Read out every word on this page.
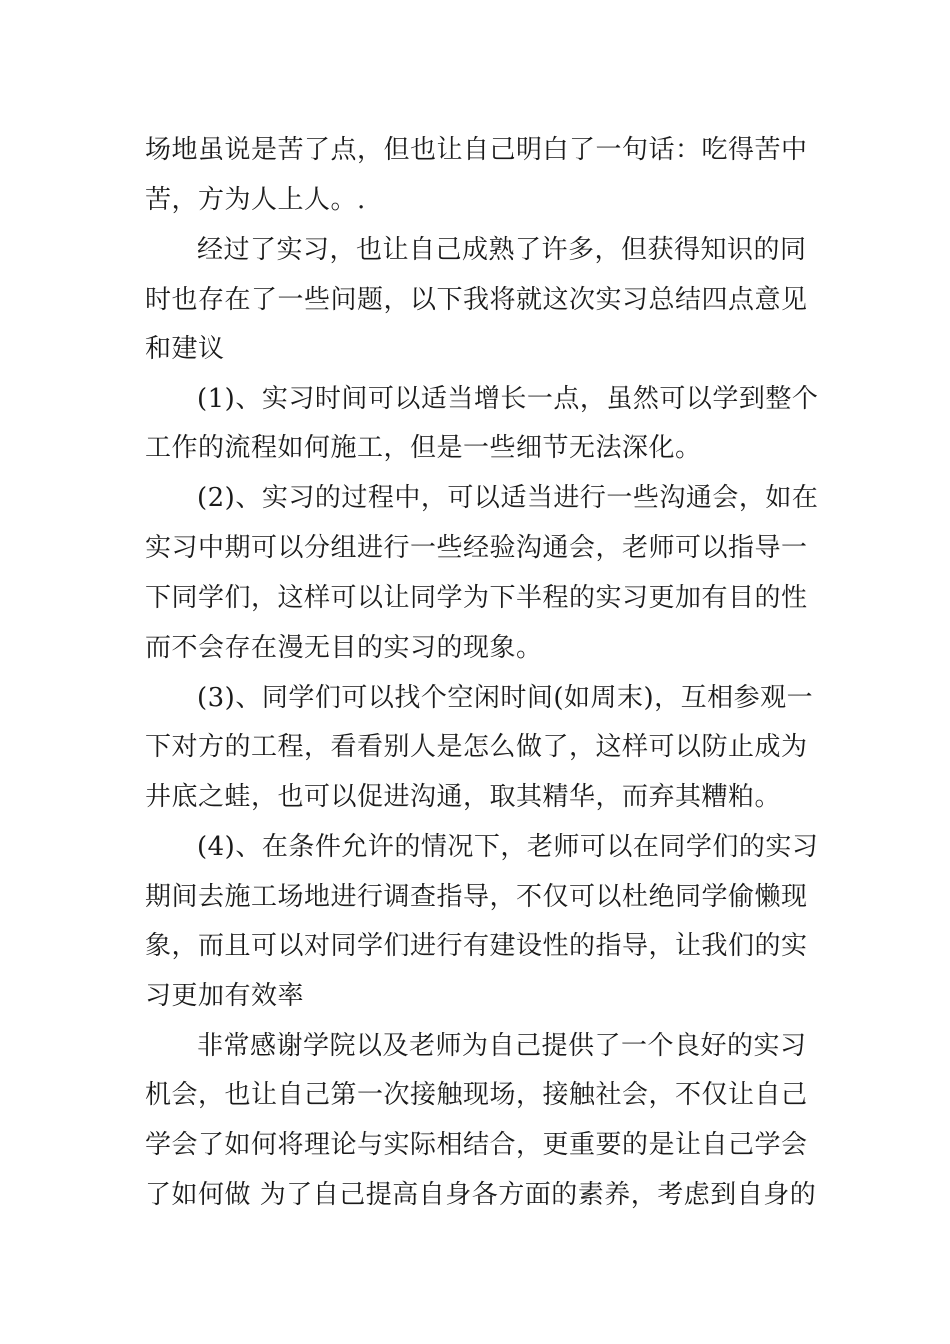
场地虽说是苦了点，但也让自己明白了一句话：吃得苦中
苦，方为人上人。.
经过了实习，也让自己成熟了许多，但获得知识的同
时也存在了一些问题，以下我将就这次实习总结四点意见
和建议
(1)、实习时间可以适当增长一点，虽然可以学到整个
工作的流程如何施工，但是一些细节无法深化。
(2)、实习的过程中，可以适当进行一些沟通会，如在
实习中期可以分组进行一些经验沟通会，老师可以指导一
下同学们，这样可以让同学为下半程的实习更加有目的性
而不会存在漫无目的实习的现象。
(3)、同学们可以找个空闲时间(如周末)，互相参观一
下对方的工程，看看别人是怎么做了，这样可以防止成为
井底之蛙，也可以促进沟通，取其精华，而弃其糟粕。
(4)、在条件允许的情况下，老师可以在同学们的实习
期间去施工场地进行调查指导，不仅可以杜绝同学偷懒现
象，而且可以对同学们进行有建设性的指导，让我们的实
习更加有效率
非常感谢学院以及老师为自己提供了一个良好的实习
机会，也让自己第一次接触现场，接触社会，不仅让自己
学会了如何将理论与实际相结合，更重要的是让自己学会
了如何做 为了自己提高自身各方面的素养，考虑到自身的
